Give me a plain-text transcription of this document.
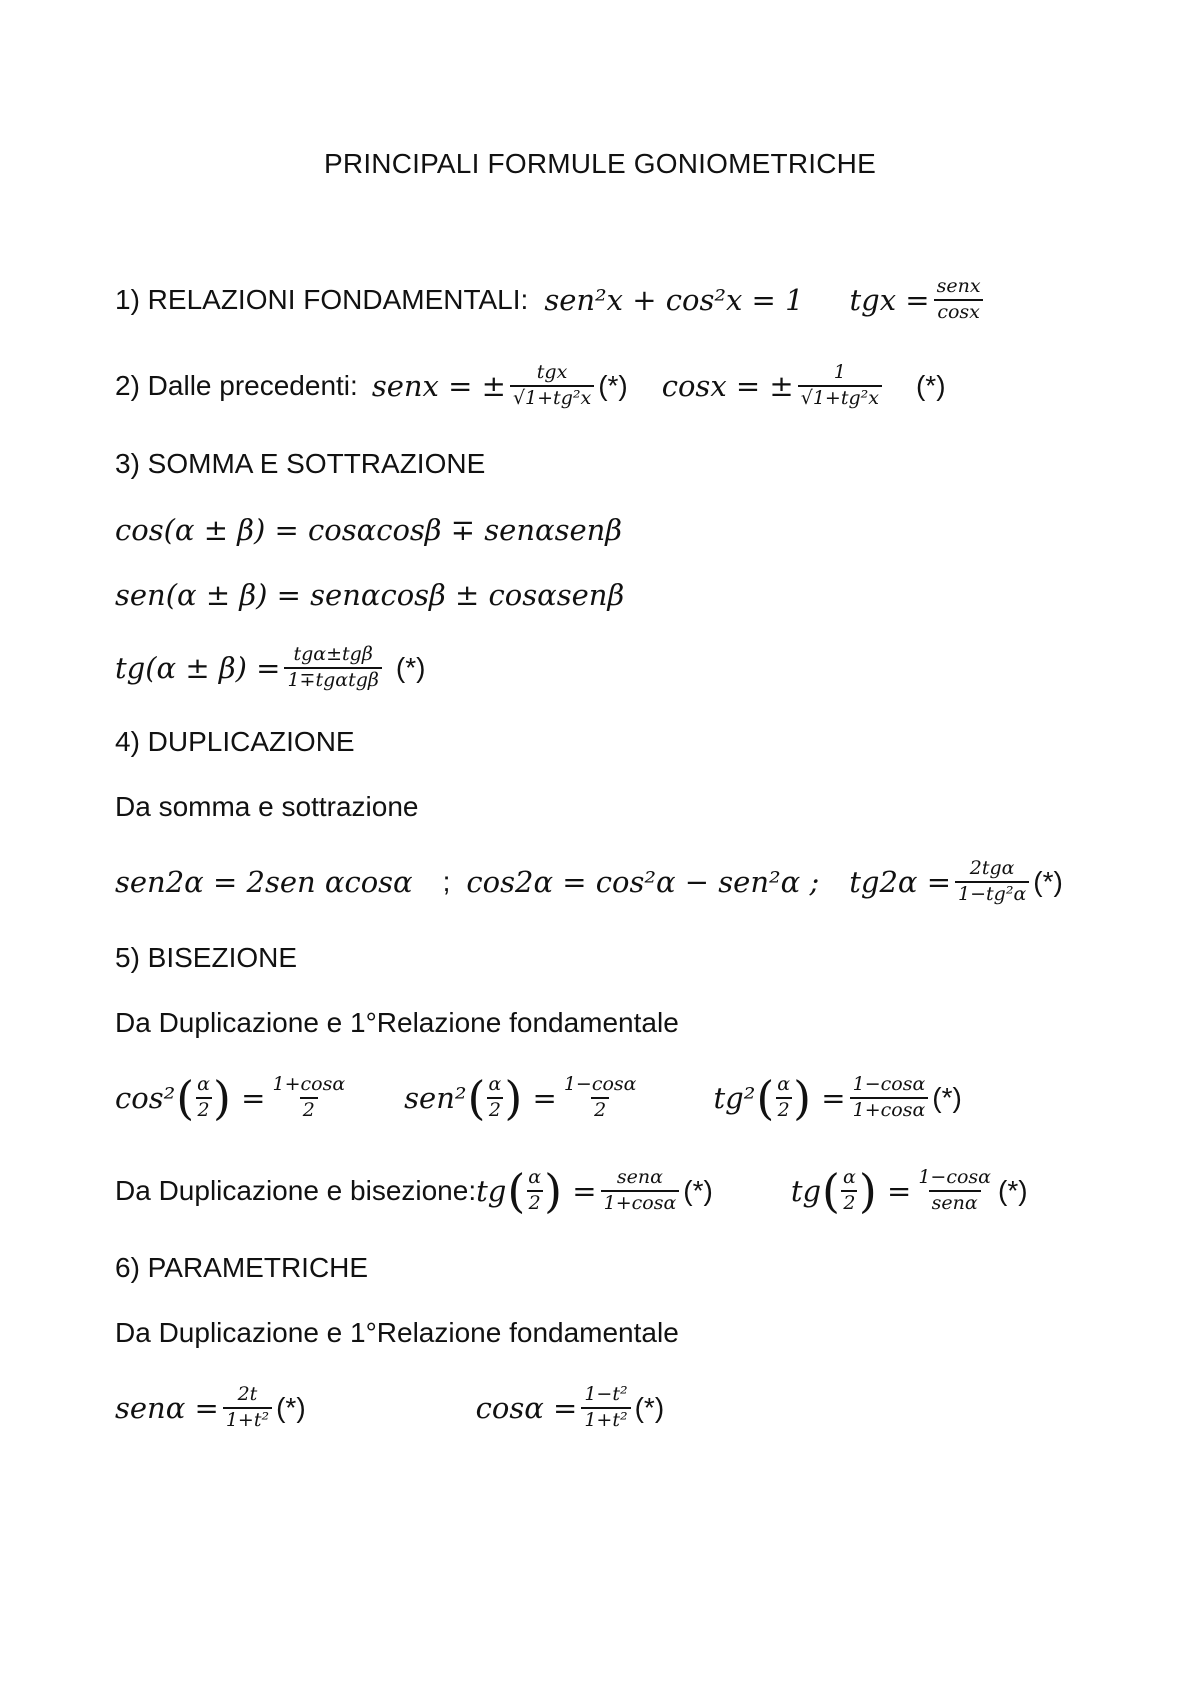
PRINCIPALI FORMULE GONIOMETRICHE
1) RELAZIONI FONDAMENTALI: sen²x + cos²x = 1 tgx = $\frac{\text{senx}}{\cos x}$
2) Dalle precedenti: senx = ± $\frac{\text{tgx}}{\text{√1+tg²x}}$ (*) cosx = ± $\frac{1}{\text{√1+tg²x}}$ (*)
3) SOMMA E SOTTRAZIONE
cos(α ± β) = cosαcosβ ∓ senαsenβ
sen(α ± β) = senαcosβ ± cosαsenβ
$tg(\alpha \pm \beta) = \frac{\text{tgα±tgβ}}{\text{1∓tgαtgβ}}$ (*)
4) DUPLICAZIONE
Da somma e sottrazione
sen2α = 2sen αcosα ; cos2α = cos²α − sen²α ; $tg2\alpha = \frac{\text{2tgα}}{\text{1−tg²α}}$ (*)
5) BISEZIONE
Da Duplicazione e 1°Relazione fondamentale
cos² ( $\frac{\alpha}{2}$ ) = $\frac{1+\cos\alpha}{2} sen^2$ ( $\frac{\alpha}{2}$ ) = $\frac{1-\cos\alpha}{2}$	tg² ( $\frac{\alpha}{2}$ ) = $\frac{1-\cos\alpha}{1+\cos\alpha}$ (*)
Da Duplicazione e bisezione: tg ( $\frac{\alpha}{2}$ ) = $\frac{\text{senα}}{1+\cos\alpha}$ (*)	tg ( $\frac{\alpha}{2}$ ) = $\frac{1-\cos\alpha}{\text{senα}}$ (*)
6) PARAMETRICHE
Da Duplicazione e 1°Relazione fondamentale
$sen\alpha = \frac{2t}{\text{1+t²}}$ (*)	$\cos\alpha = \frac{\text{1−t²}}{\text{1+t²}}$ (*)
